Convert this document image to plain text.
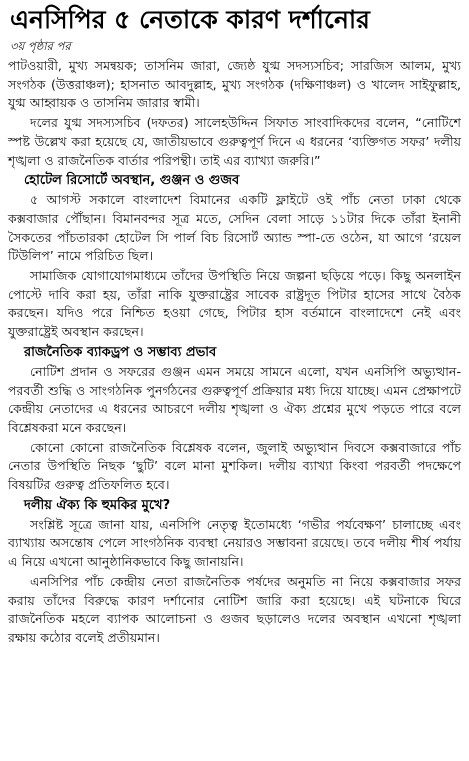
এনসিপির ৫ নেতাকে কারণ দর্শানোর
৩য় পৃষ্ঠার পর

পাটওয়ারী, মুখ্য সমন্বয়ক; তাসনিম জারা, জ্যেষ্ঠ যুগ্ম সদস্যসচিব; সারজিস আলম, মুখ্য সংগঠক (উত্তরাঞ্চল); হাসনাত আবদুল্লাহ, মুখ্য সংগঠক (দক্ষিণাঞ্চল) ও খালেদ সাইফুল্লাহ, যুগ্ম আহ্বায়ক ও তাসনিম জারার স্বামী।

দলের যুগ্ম সদস্যসচিব (দফতর) সালেহউদ্দিন সিফাত সাংবাদিকদের বলেন, “নোটিশে স্পষ্ট উল্লেখ করা হয়েছে যে, জাতীয়ভাবে গুরুত্বপূর্ণ দিনে এ ধরনের ‘ব্যক্তিগত সফর’ দলীয় শৃঙ্খলা ও রাজনৈতিক বার্তার পরিপন্থী। তাই এর ব্যাখ্যা জরুরি।”

হোটেল রিসোর্টে অবস্থান, গুঞ্জন ও গুজব

৫ আগস্ট সকালে বাংলাদেশ বিমানের একটি ফ্লাইটে ওই পাঁচ নেতা ঢাকা থেকে কক্সবাজার পৌঁছান। বিমানবন্দর সূত্র মতে, সেদিন বেলা সাড়ে ১১টার দিকে তাঁরা ইনানী সৈকতের পাঁচতারকা হোটেল সি পার্ল বিচ রিসোর্ট অ্যান্ড স্পা-তে ওঠেন, যা আগে ‘রয়েল টিউলিপ’ নামে পরিচিত ছিল।

সামাজিক যোগাযোগমাধ্যমে তাঁদের উপস্থিতি নিয়ে জল্পনা ছড়িয়ে পড়ে। কিছু অনলাইন পোস্টে দাবি করা হয়, তাঁরা নাকি যুক্তরাষ্ট্রের সাবেক রাষ্ট্রদূত পিটার হাসের সাথে বৈঠক করছেন। যদিও পরে নিশ্চিত হওয়া গেছে, পিটার হাস বর্তমানে বাংলাদেশে নেই এবং যুক্তরাষ্ট্রেই অবস্থান করছেন।

রাজনৈতিক ব্যাকড্রপ ও সম্ভাব্য প্রভাব

নোটিশ প্রদান ও সফরের গুঞ্জন এমন সময়ে সামনে এলো, যখন এনসিপি অভ্যুত্থান-পরবর্তী শুদ্ধি ও সাংগঠনিক পুনর্গঠনের গুরুত্বপূর্ণ প্রক্রিয়ার মধ্য দিয়ে যাচ্ছে। এমন প্রেক্ষাপটে কেন্দ্রীয় নেতাদের এ ধরনের আচরণে দলীয় শৃঙ্খলা ও ঐক্য প্রশ্নের মুখে পড়তে পারে বলে বিশ্লেষকরা মনে করছেন।

কোনো কোনো রাজনৈতিক বিশ্লেষক বলেন, জুলাই অভ্যুত্থান দিবসে কক্সবাজারে পাঁচ নেতার উপস্থিতি নিছক ‘ছুটি’ বলে মানা মুশকিল। দলীয় ব্যাখ্যা কিংবা পরবর্তী পদক্ষেপে বিষয়টির গুরুত্ব প্রতিফলিত হবে।

দলীয় ঐক্য কি হুমকির মুখে?

সংশ্লিষ্ট সূত্রে জানা যায়, এনসিপি নেতৃত্ব ইতোমধ্যে ‘গভীর পর্যবেক্ষণ’ চালাচ্ছে এবং ব্যাখ্যায় অসন্তোষ পেলে সাংগঠনিক ব্যবস্থা নেয়ারও সম্ভাবনা রয়েছে। তবে দলীয় শীর্ষ পর্যায় এ নিয়ে এখনো আনুষ্ঠানিকভাবে কিছু জানায়নি।

এনসিপির পাঁচ কেন্দ্রীয় নেতা রাজনৈতিক পর্ষদের অনুমতি না নিয়ে কক্সবাজার সফর করায় তাঁদের বিরুদ্ধে কারণ দর্শানোর নোটিশ জারি করা হয়েছে। এই ঘটনাকে ঘিরে রাজনৈতিক মহলে ব্যাপক আলোচনা ও গুজব ছড়ালেও দলের অবস্থান এখনো শৃঙ্খলা রক্ষায় কঠোর বলেই প্রতীয়মান।
